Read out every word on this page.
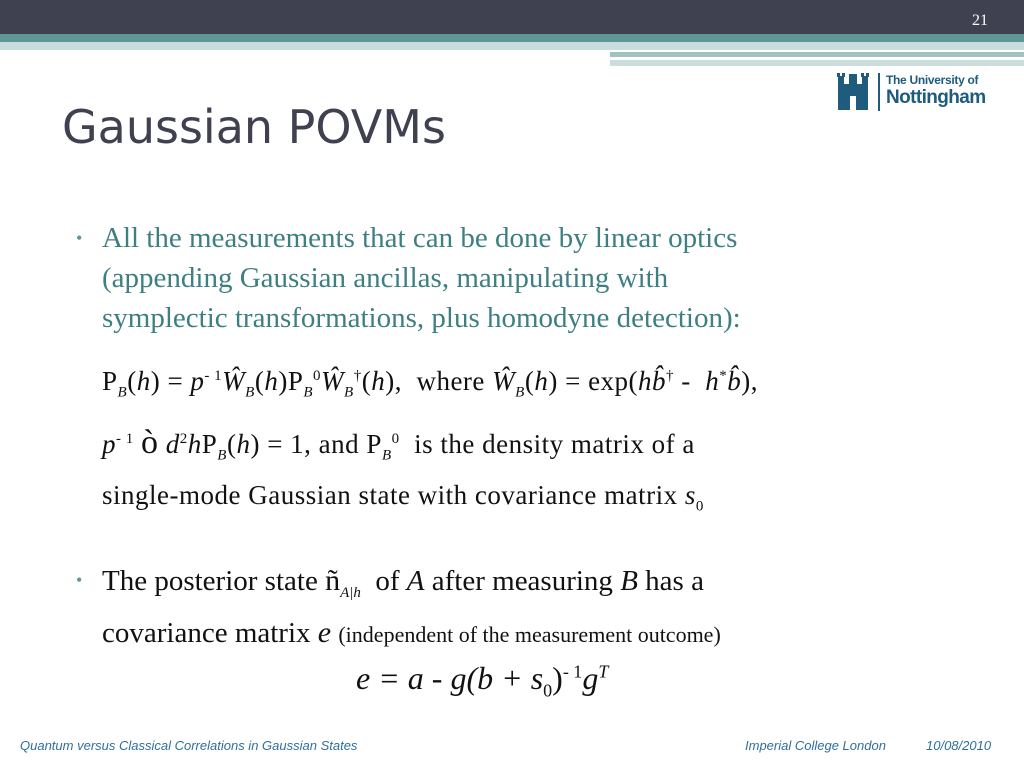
21
The University of
Nottingham
Gaussian POVMs
• All the measurements that can be done by linear optics
(appending Gaussian ancillas, manipulating with
symplectic transformations, plus homodyne detection):
$P_B(h)$ = $p^{- 1}Ŵ_B(h)P_B^0Ŵ_B^\dagger(h)$, where $Ŵ_B(h)$ = exp(hb̂† -  h*b̂),
$p^{- 1}$ ò $d^2hP_B(h) = 1$, and $P_B^0$ is the density matrix of a
single-mode Gaussian state with covariance matrix $s_0$
• The posterior state $ñ_{A|h}$ of A after measuring B has a
covariance matrix e (independent of the measurement outcome)
$e = a - g(b + s_0)^{- 1}g^T$
Quantum versus Classical Correlations in Gaussian States	Imperial College London	10/08/2010
